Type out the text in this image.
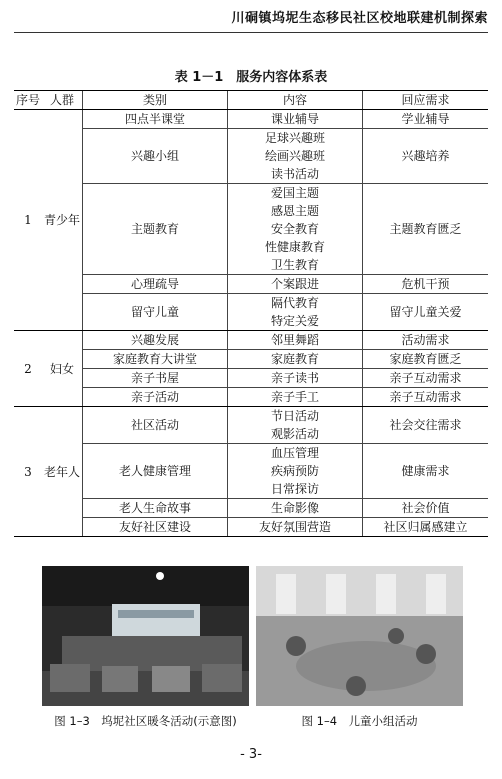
川硐镇坞坭生态移民社区校地联建机制探索
表 1－1　服务内容体系表
序号	人群	类别	内容	回应需求
1	青少年	四点半课堂	课业辅导	学业辅导
		兴趣小组	足球兴趣班
绘画兴趣班
读书活动	兴趣培养
		主题教育	爱国主题
感恩主题
安全教育
性健康教育
卫生教育	主题教育匮乏
		心理疏导	个案跟进	危机干预
		留守儿童	隔代教育
特定关爱	留守儿童关爱
2	妇女	兴趣发展	邻里舞蹈	活动需求
		家庭教育大讲堂	家庭教育	家庭教育匮乏
		亲子书屋	亲子读书	亲子互动需求
		亲子活动	亲子手工	亲子互动需求
3	老年人	社区活动	节日活动
观影活动	社会交往需求
		老人健康管理	血压管理
疾病预防
日常探访	健康需求
		老人生命故事	生命影像	社会价值
		友好社区建设	友好氛围营造	社区归属感建立
图 1–3　坞坭社区暖冬活动(示意图)	图 1–4　儿童小组活动
- 3-
